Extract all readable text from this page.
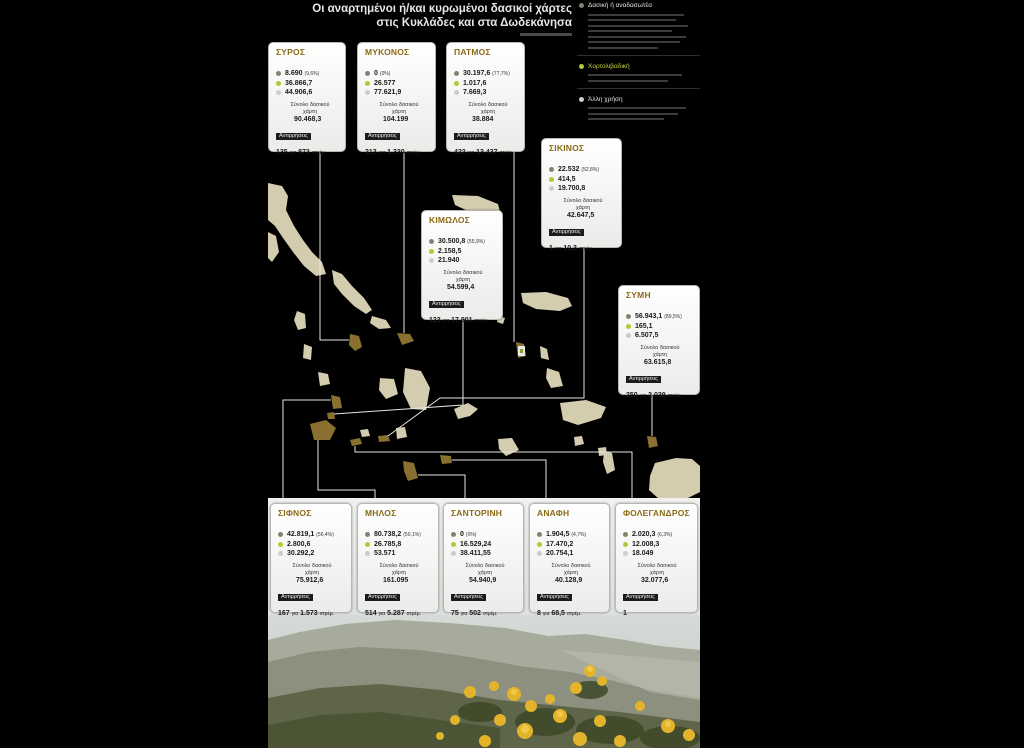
Οι αναρτημένοι ή/και κυρωμένοι δασικοί χάρτες
στις Κυκλάδες και στα Δωδεκάνησα
Δασική ή αναδασωτέα
Χορτολιβαδική
Άλλη χρήση
ΣΥΡΟΣ
8.690 (9,6%)
36.866,7
44.906,6
Σύνολο δασικού χάρτη
90.468,3
Αντιρρήσεις
135 για 873 στρέμ.
ΜΥΚΟΝΟΣ
0 (0%)
26.577
77.621,9
Σύνολο δασικού χάρτη
104.199
Αντιρρήσεις
213 για 1.330 στρέμ.
ΠΑΤΜΟΣ
30.197,6 (77,7%)
1.017,6
7.669,3
Σύνολο δασικού χάρτη
38.884
Αντιρρήσεις
422 για 13.437 στρέμ.	ΣΙΚΙΝΟΣ
22.532 (52,8%)
414,5
19.700,8
Σύνολο δασικού χάρτη
42.647,5
Αντιρρήσεις
1 για 10,3 στρέμ.
ΚΙΜΩΛΟΣ
30.500,8 (55,9%)
2.158,5
21.940
Σύνολο δασικού χάρτη
54.599,4
Αντιρρήσεις
123 για 17.901 στρέμ.
ΣΥΜΗ
56.943,1 (89,5%)
165,1
6.507,5
Σύνολο δασικού χάρτη
63.615,8
Αντιρρήσεις
250 για 2.039 στρέμ.
ΣΙΦΝΟΣ
42.819,1 (56,4%)
2.800,6
30.292,2
Σύνολο δασικού χάρτη
75.912,6
Αντιρρήσεις
167 για 1.573 στρέμ.
ΜΗΛΟΣ
80.738,2 (50,1%)
26.785,8
53.571
Σύνολο δασικού χάρτη
161.095
Αντιρρήσεις
514 για 5.287 στρέμ.
ΣΑΝΤΟΡΙΝΗ
0 (0%)
16.529,24
38.411,55
Σύνολο δασικού χάρτη
54.940,9
Αντιρρήσεις
75 για 502 στρέμ.
ΑΝΑΦΗ
1.904,5 (4,7%)
17.470,2
20.754,1
Σύνολο δασικού χάρτη
40.128,9
Αντιρρήσεις
8 για 68,5 στρέμ.
ΦΟΛΕΓΑΝΔΡΟΣ
2.020,3 (6,3%)
12.008,3
18.049
Σύνολο δασικού χάρτη
32.077,6
Αντιρρήσεις
1
